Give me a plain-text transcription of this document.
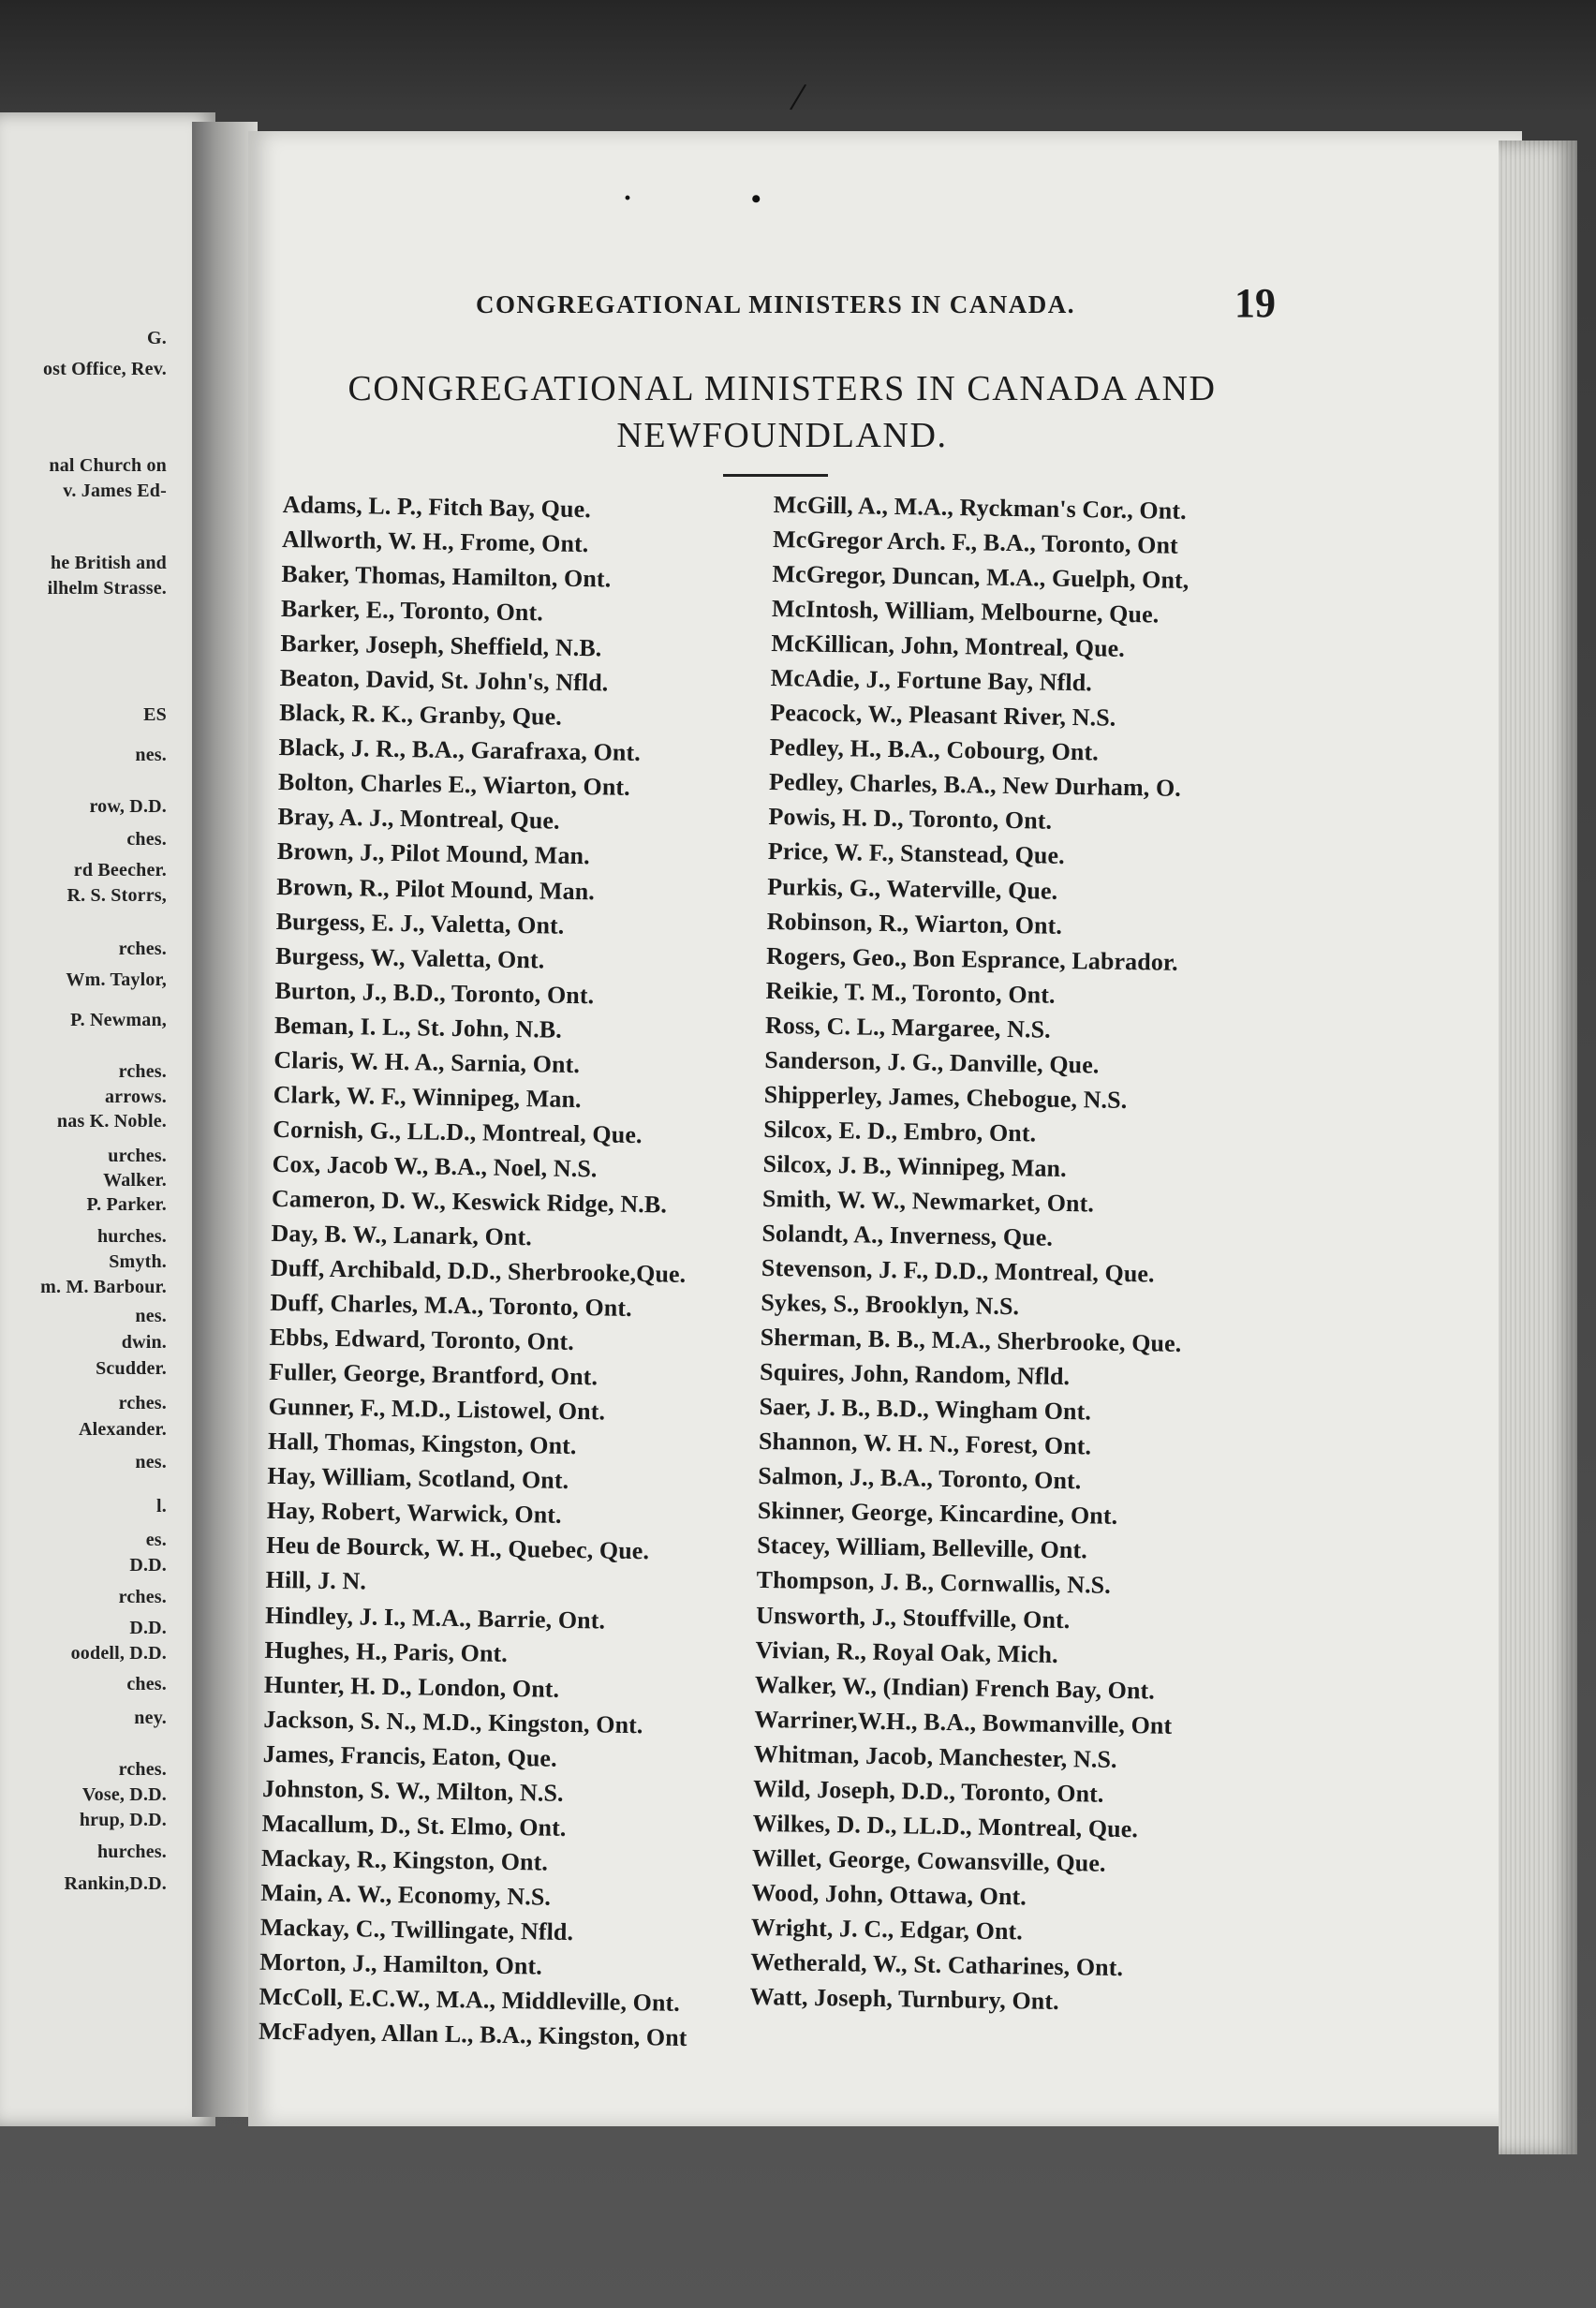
G.
ost Office, Rev.
nal Church on
v. James Ed-
he British and
ilhelm Strasse.
ES
nes.
row, D.D.
ches.
rd Beecher.
R. S. Storrs,
rches.
Wm. Taylor,
P. Newman,
rches.
arrows.
nas K. Noble.
urches.
Walker.
P. Parker.
hurches.
Smyth.
m. M. Barbour.
nes.
dwin.
Scudder.
rches.
Alexander.
nes.
l.
es.
D.D.
rches.
D.D.
oodell, D.D.
ches.
ney.
rches.
Vose, D.D.
hrup, D.D.
hurches.
Rankin,D.D.
/
·	•
CONGREGATIONAL MINISTERS IN CANADA.	19
CONGREGATIONAL MINISTERS IN CANADA AND
NEWFOUNDLAND.
Adams, L. P., Fitch Bay, Que.
Allworth, W. H., Frome, Ont.
Baker, Thomas, Hamilton, Ont.
Barker, E., Toronto, Ont.
Barker, Joseph, Sheffield, N.B.
Beaton, David, St. John's, Nfld.
Black, R. K., Granby, Que.
Black, J. R., B.A., Garafraxa, Ont.
Bolton, Charles E., Wiarton, Ont.
Bray, A. J., Montreal, Que.
Brown, J., Pilot Mound, Man.
Brown, R., Pilot Mound, Man.
Burgess, E. J., Valetta, Ont.
Burgess, W., Valetta, Ont.
Burton, J., B.D., Toronto, Ont.
Beman, I. L., St. John, N.B.
Claris, W. H. A., Sarnia, Ont.
Clark, W. F., Winnipeg, Man.
Cornish, G., LL.D., Montreal, Que.
Cox, Jacob W., B.A., Noel, N.S.
Cameron, D. W., Keswick Ridge, N.B.
Day, B. W., Lanark, Ont.
Duff, Archibald, D.D., Sherbrooke,Que.
Duff, Charles, M.A., Toronto, Ont.
Ebbs, Edward, Toronto, Ont.
Fuller, George, Brantford, Ont.
Gunner, F., M.D., Listowel, Ont.
Hall, Thomas, Kingston, Ont.
Hay, William, Scotland, Ont.
Hay, Robert, Warwick, Ont.
Heu de Bourck, W. H., Quebec, Que.
Hill, J. N.
Hindley, J. I., M.A., Barrie, Ont.
Hughes, H., Paris, Ont.
Hunter, H. D., London, Ont.
Jackson, S. N., M.D., Kingston, Ont.
James, Francis, Eaton, Que.
Johnston, S. W., Milton, N.S.
Macallum, D., St. Elmo, Ont.
Mackay, R., Kingston, Ont.
Main, A. W., Economy, N.S.
Mackay, C., Twillingate, Nfld.
Morton, J., Hamilton, Ont.
McColl, E.C.W., M.A., Middleville, Ont.
McFadyen, Allan L., B.A., Kingston, Ont
McGill, A., M.A., Ryckman's Cor., Ont.
McGregor Arch. F., B.A., Toronto, Ont
McGregor, Duncan, M.A., Guelph, Ont,
McIntosh, William, Melbourne, Que.
McKillican, John, Montreal, Que.
McAdie, J., Fortune Bay, Nfld.
Peacock, W., Pleasant River, N.S.
Pedley, H., B.A., Cobourg, Ont.
Pedley, Charles, B.A., New Durham, O.
Powis, H. D., Toronto, Ont.
Price, W. F., Stanstead, Que.
Purkis, G., Waterville, Que.
Robinson, R., Wiarton, Ont.
Rogers, Geo., Bon Esprance, Labrador.
Reikie, T. M., Toronto, Ont.
Ross, C. L., Margaree, N.S.
Sanderson, J. G., Danville, Que.
Shipperley, James, Chebogue, N.S.
Silcox, E. D., Embro, Ont.
Silcox, J. B., Winnipeg, Man.
Smith, W. W., Newmarket, Ont.
Solandt, A., Inverness, Que.
Stevenson, J. F., D.D., Montreal, Que.
Sykes, S., Brooklyn, N.S.
Sherman, B. B., M.A., Sherbrooke, Que.
Squires, John, Random, Nfld.
Saer, J. B., B.D., Wingham Ont.
Shannon, W. H. N., Forest, Ont.
Salmon, J., B.A., Toronto, Ont.
Skinner, George, Kincardine, Ont.
Stacey, William, Belleville, Ont.
Thompson, J. B., Cornwallis, N.S.
Unsworth, J., Stouffville, Ont.
Vivian, R., Royal Oak, Mich.
Walker, W., (Indian) French Bay, Ont.
Warriner,W.H., B.A., Bowmanville, Ont
Whitman, Jacob, Manchester, N.S.
Wild, Joseph, D.D., Toronto, Ont.
Wilkes, D. D., LL.D., Montreal, Que.
Willet, George, Cowansville, Que.
Wood, John, Ottawa, Ont.
Wright, J. C., Edgar, Ont.
Wetherald, W., St. Catharines, Ont.
Watt, Joseph, Turnbury, Ont.
